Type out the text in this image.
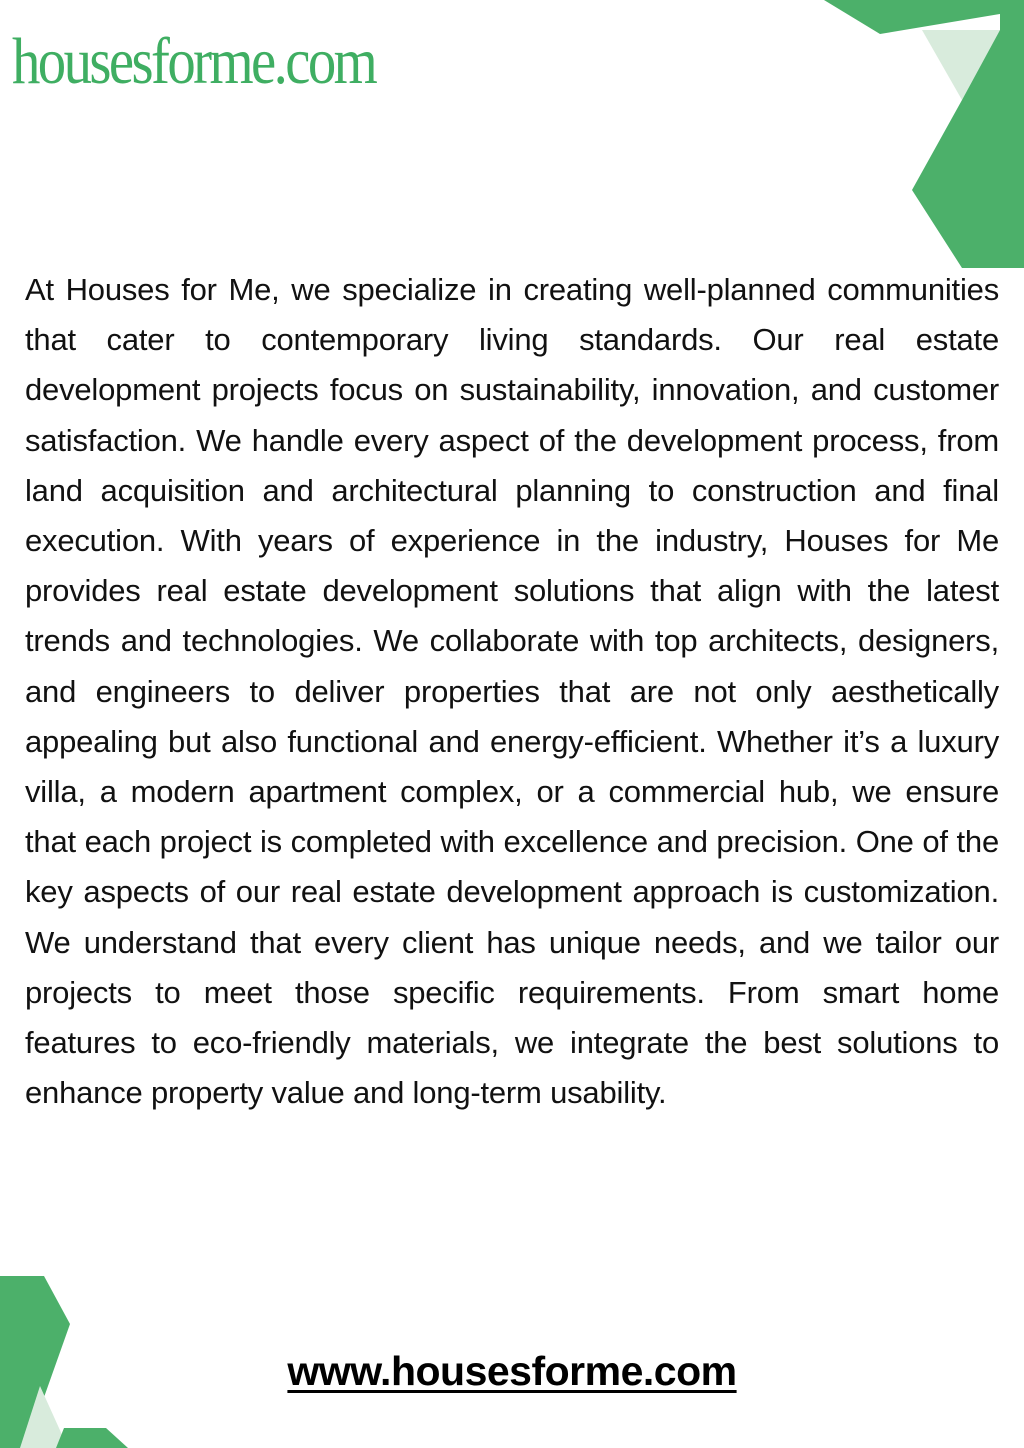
housesforme.com

At Houses for Me, we specialize in creating well-planned communities that cater to contemporary living standards. Our real estate development projects focus on sustainability, innovation, and customer satisfaction. We handle every aspect of the development process, from land acquisition and architectural planning to construction and final execution. With years of experience in the industry, Houses for Me provides real estate development solutions that align with the latest trends and technologies. We collaborate with top architects, designers, and engineers to deliver properties that are not only aesthetically appealing but also functional and energy-efficient. Whether it’s a luxury villa, a modern apartment complex, or a commercial hub, we ensure that each project is completed with excellence and precision. One of the key aspects of our real estate development approach is customization. We understand that every client has unique needs, and we tailor our projects to meet those specific requirements. From smart home features to eco-friendly materials, we integrate the best solutions to enhance property value and long-term usability.

www.housesforme.com
